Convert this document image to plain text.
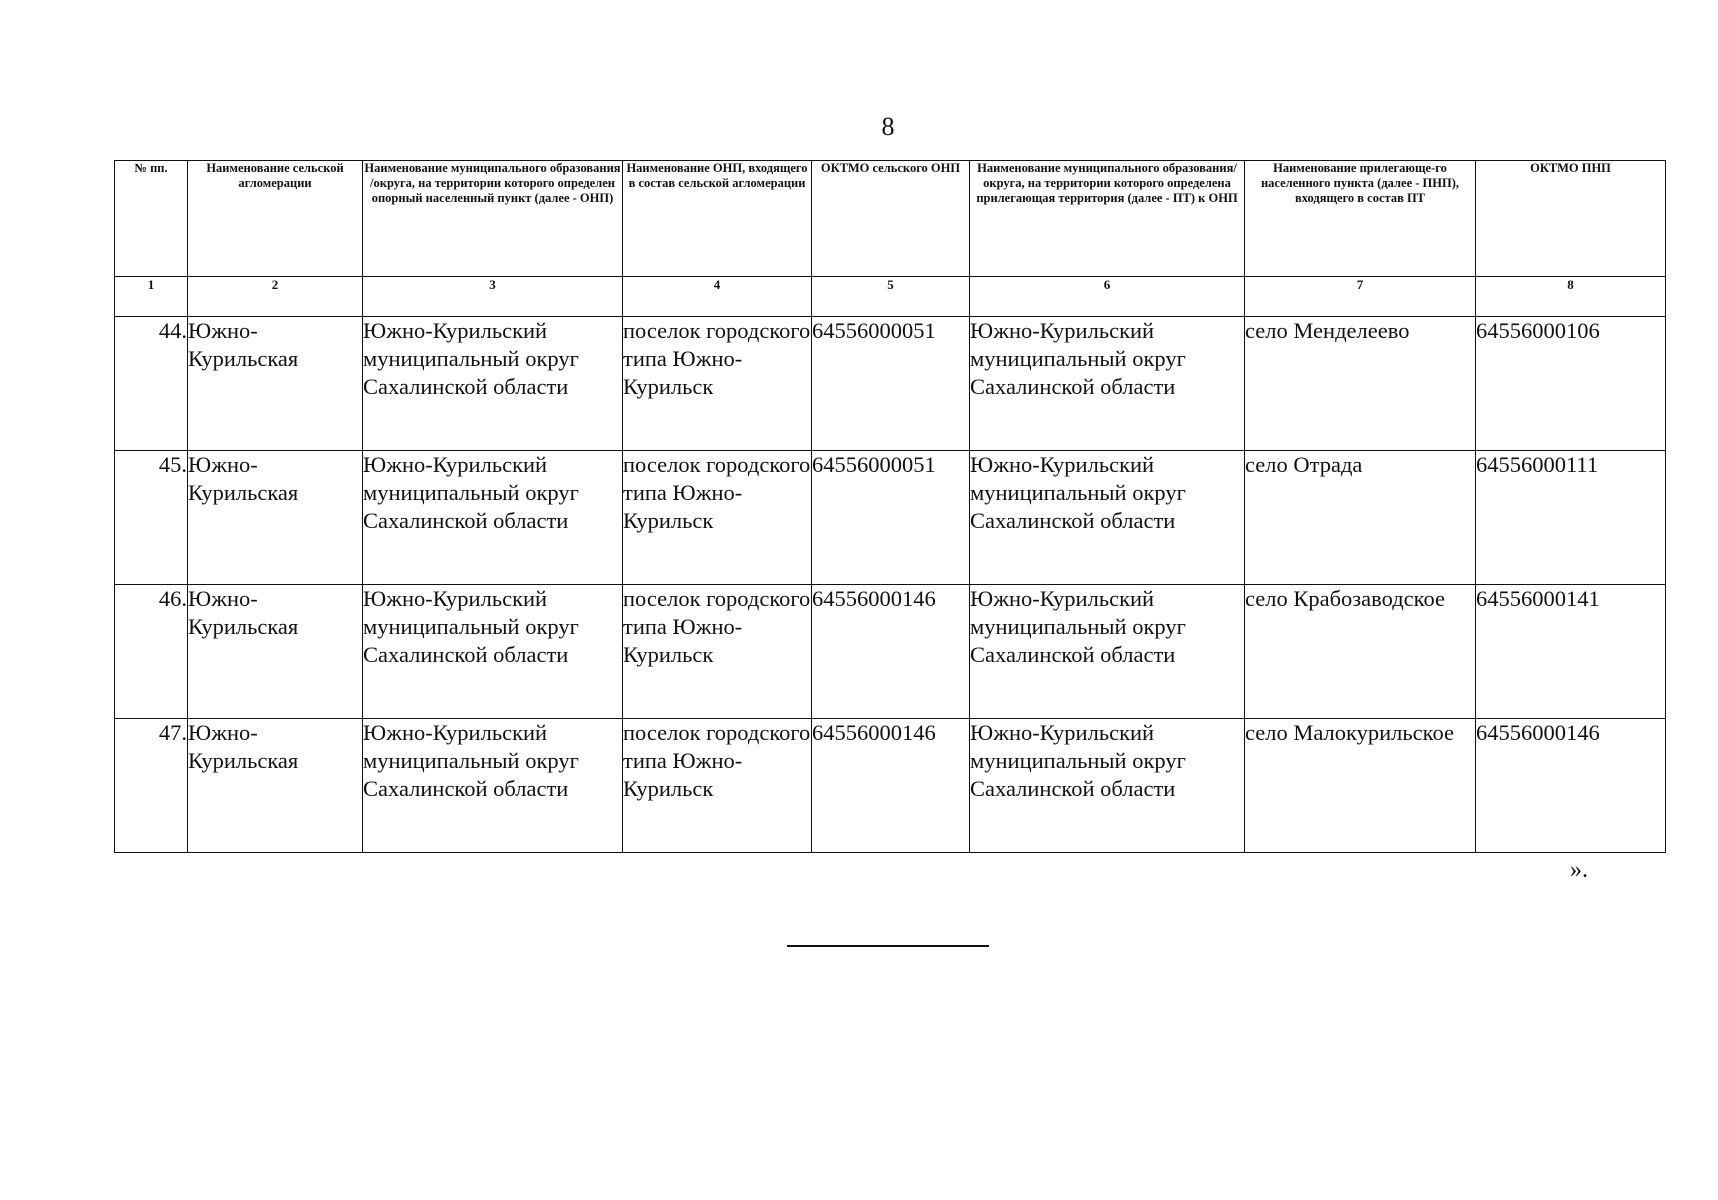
8
№ пп.	Наименование сельской агломерации	Наименование муниципального образования /округа, на территории которого определен опорный населенный пункт (далее - ОНП)	Наименование ОНП, входящего в состав сельской агломерации	ОКТМО сельского ОНП	Наименование муниципального образования/округа, на территории которого определена прилегающая территория (далее - ПТ) к ОНП	Наименование прилегающе-го населенного пункта (далее - ПНП), входящего в состав ПТ	ОКТМО ПНП
1	2	3	4	5	6	7	8
44.	Южно-Курильская	Южно-Курильский муниципальный округ Сахалинской области	поселок городского типа Южно-Курильск	64556000051	Южно-Курильский муниципальный округ Сахалинской области	село Менделеево	64556000106
45.	Южно-Курильская	Южно-Курильский муниципальный округ Сахалинской области	поселок городского типа Южно-Курильск	64556000051	Южно-Курильский муниципальный округ Сахалинской области	село Отрада	64556000111
46.	Южно-Курильская	Южно-Курильский муниципальный округ Сахалинской области	поселок городского типа Южно-Курильск	64556000146	Южно-Курильский муниципальный округ Сахалинской области	село Крабозаводское	64556000141
47.	Южно-Курильская	Южно-Курильский муниципальный округ Сахалинской области	поселок городского типа Южно-Курильск	64556000146	Южно-Курильский муниципальный округ Сахалинской области	село Малокурильское	64556000146
».
